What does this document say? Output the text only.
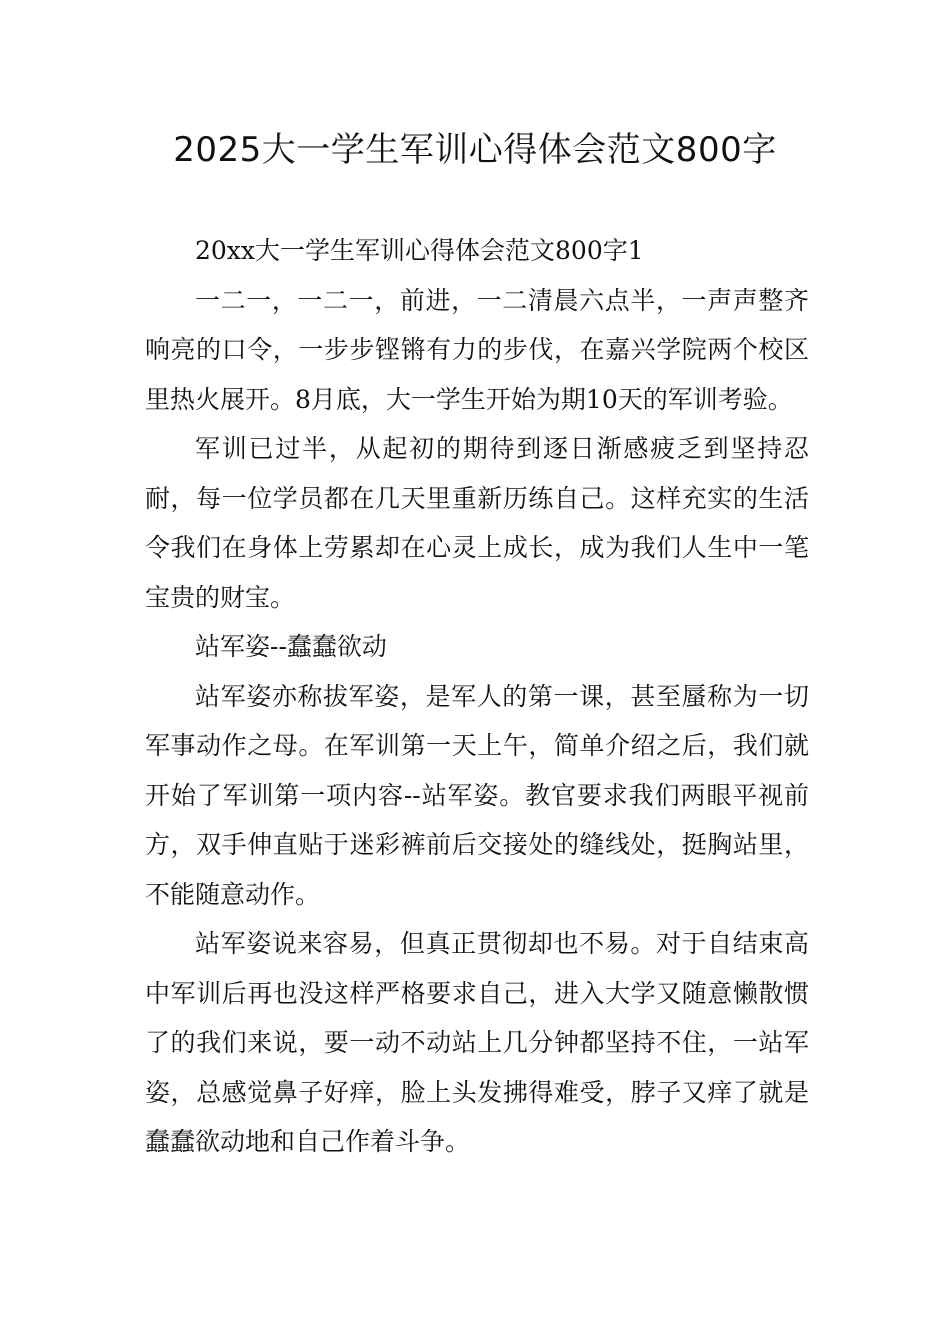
2025大一学生军训心得体会范文800字

20xx大一学生军训心得体会范文800字1

一二一，一二一，前进，一二清晨六点半，一声声整齐响亮的口令，一步步铿锵有力的步伐，在嘉兴学院两个校区里热火展开。8月底，大一学生开始为期10天的军训考验。

军训已过半，从起初的期待到逐日渐感疲乏到坚持忍耐，每一位学员都在几天里重新历练自己。这样充实的生活令我们在身体上劳累却在心灵上成长，成为我们人生中一笔宝贵的财宝。

站军姿--蠢蠢欲动

站军姿亦称拔军姿，是军人的第一课，甚至蜃称为一切军事动作之母。在军训第一天上午，简单介绍之后，我们就开始了军训第一项内容--站军姿。教官要求我们两眼平视前方，双手伸直贴于迷彩裤前后交接处的缝线处，挺胸站里，不能随意动作。

站军姿说来容易，但真正贯彻却也不易。对于自结束高中军训后再也没这样严格要求自己，进入大学又随意懒散惯了的我们来说，要一动不动站上几分钟都坚持不住，一站军姿，总感觉鼻子好痒，脸上头发拂得难受，脖子又痒了就是蠢蠢欲动地和自己作着斗争。
